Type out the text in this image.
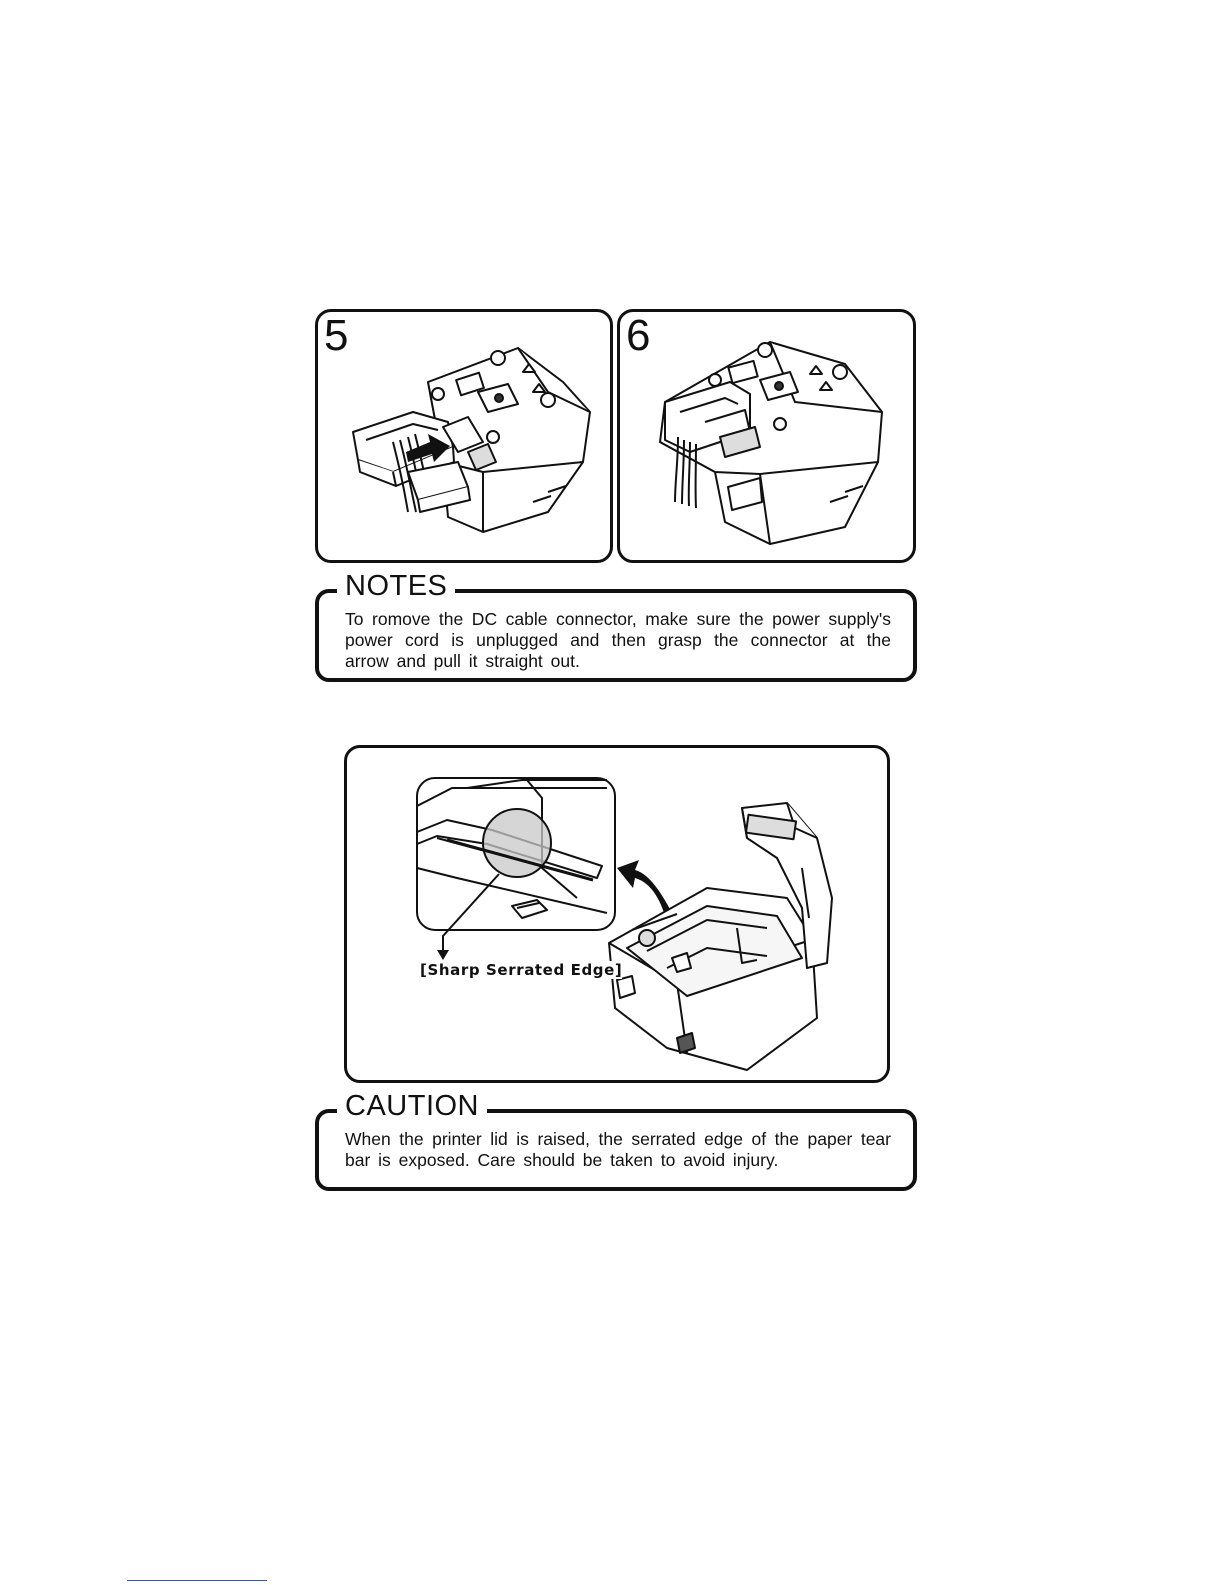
5	6
NOTES
To romove the DC cable connector, make sure the power supply's power cord is unplugged and then grasp the connector at the arrow and pull it straight out.
[Sharp Serrated Edge]
CAUTION
When the printer lid is raised, the serrated edge of the paper tear bar is exposed. Care should be taken to avoid injury.
